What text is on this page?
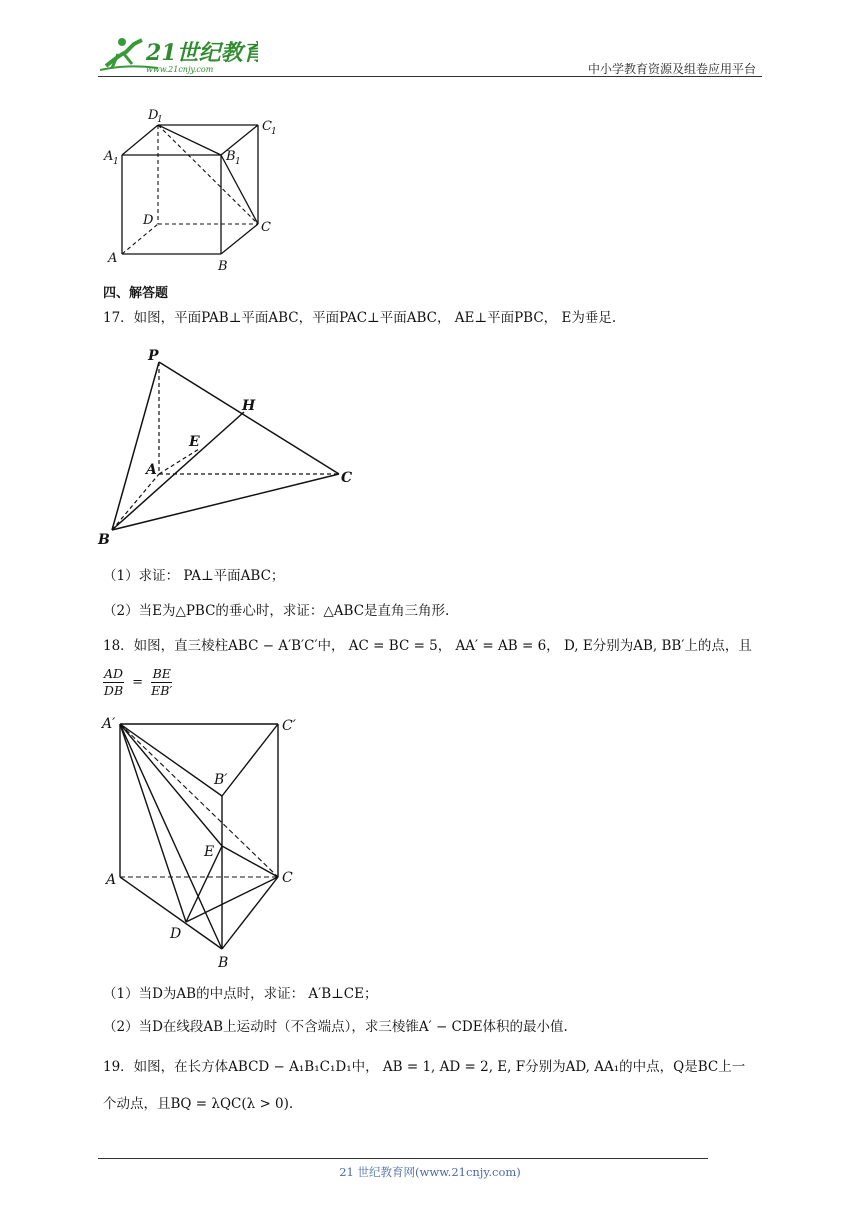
21世纪教育
www.21cnjy.com	中小学教育资源及组卷应用平台
D
1	C 1
A 1	B 1
D	C
A
B
四、解答题
17．如图，平面PAB⊥平面ABC，平面PAC⊥平面ABC， AE⊥平面PBC， E为垂足.
P
H
E
A	C
B
（1）求证： PA⊥平面ABC；
（2）当E为△PBC的垂心时，求证：△ABC是直角三角形.
18．如图，直三棱柱ABC − A′B′C′中， AC = BC = 5， AA′ = AB = 6， D, E分别为AB, BB′上的点，且
$\frac{AD}{DB} = \frac{BE}{EB'}$
A′	C′
B′
E
A	C
D
B
（1）当D为AB的中点时，求证： A′B⊥CE；
（2）当D在线段AB上运动时（不含端点），求三棱锥A′ − CDE体积的最小值.
19．如图，在长方体ABCD − A₁B₁C₁D₁中， AB = 1, AD = 2, E, F分别为AD, AA₁的中点，Q是BC上一
个动点，且BQ = λQC(λ > 0).
21 世纪教育网(www.21cnjy.com)
